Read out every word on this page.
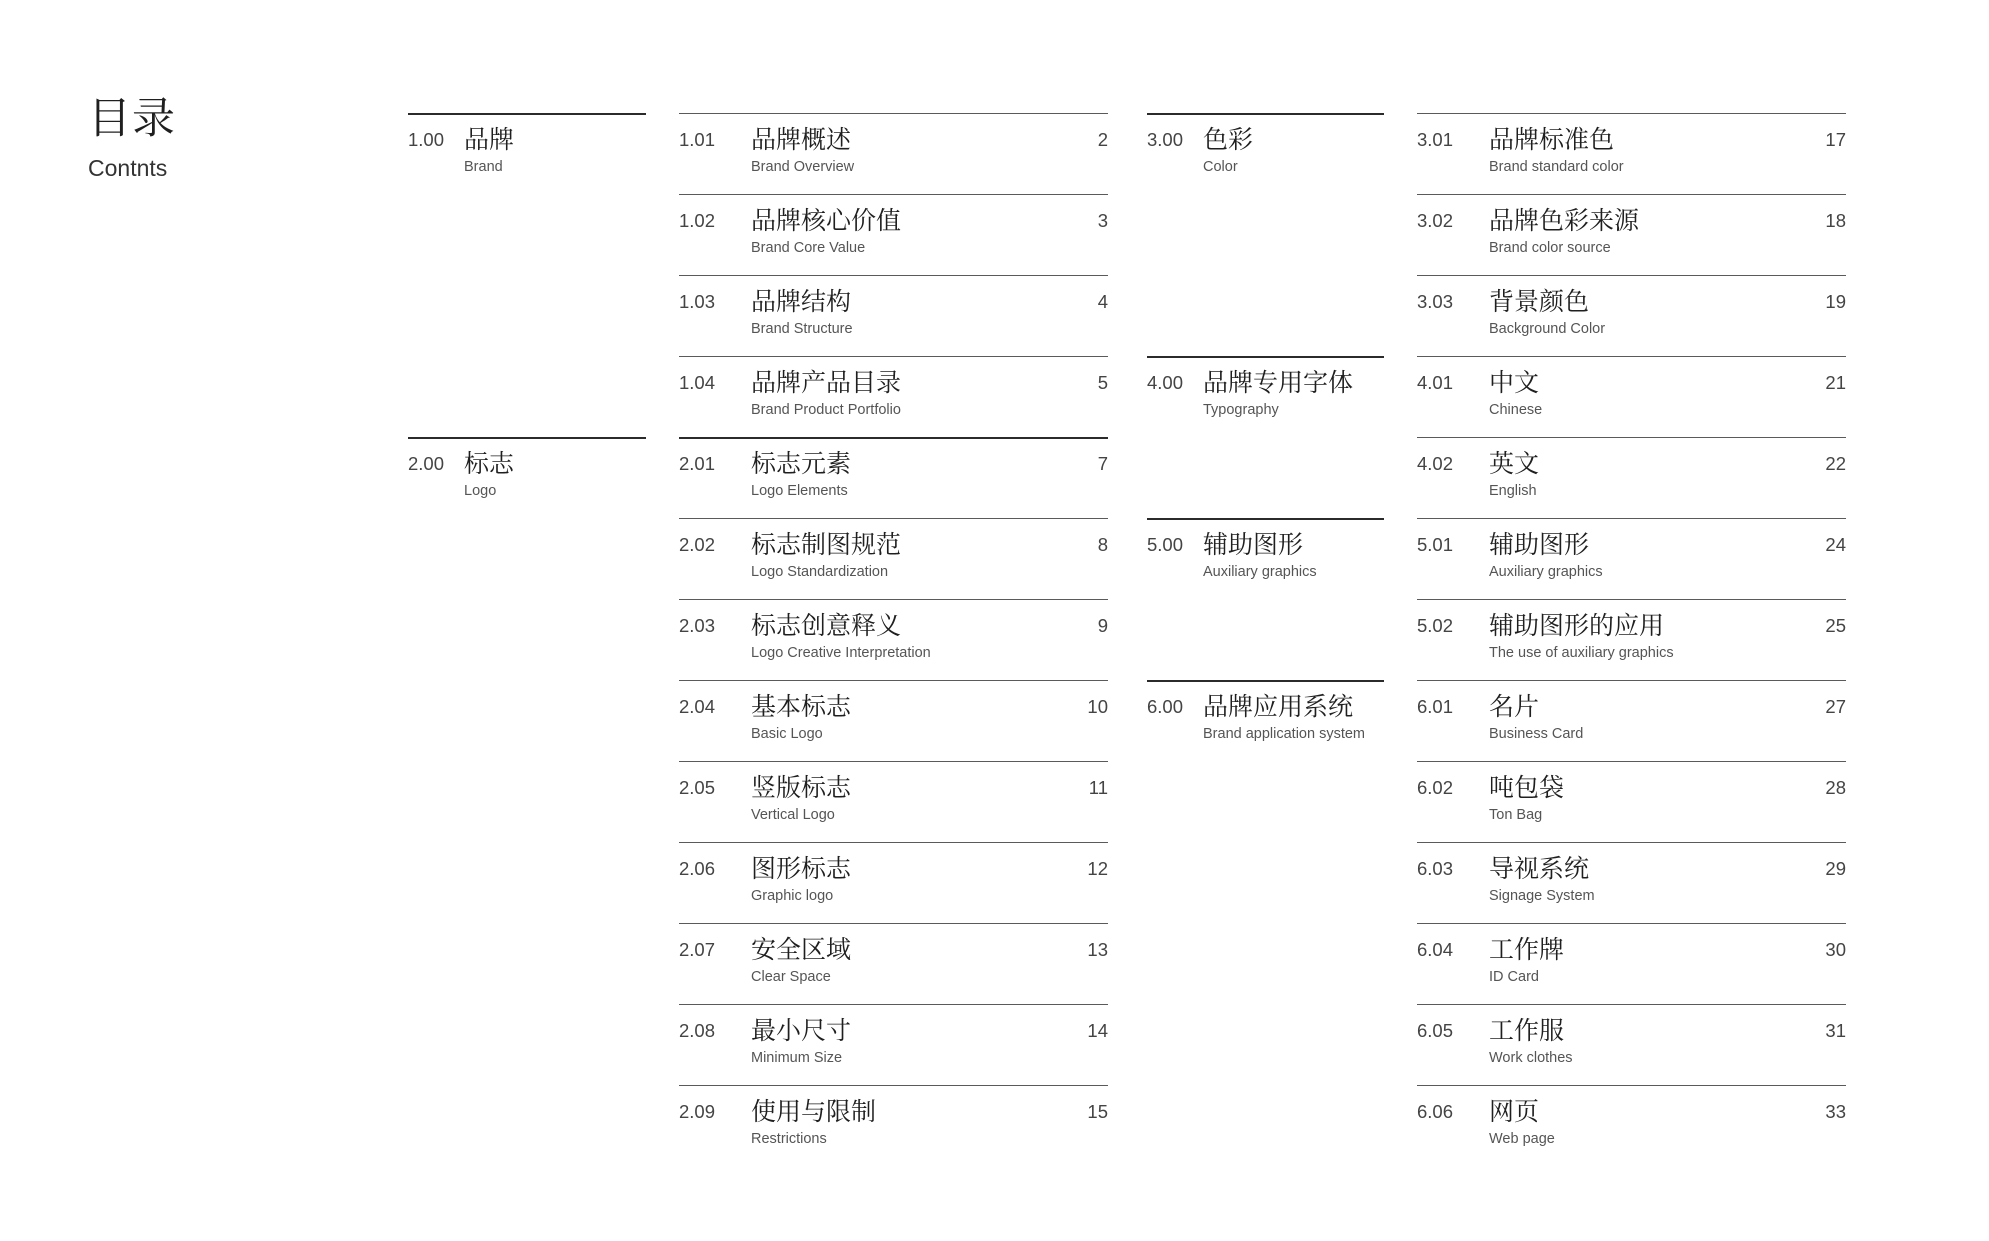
目录
Contnts
1.00 品牌
Brand
2.00 标志
Logo
1.01 品牌概述
Brand Overview
2
1.02 品牌核心价值
Brand Core Value
3
1.03 品牌结构
Brand Structure
4
1.04 品牌产品目录
Brand Product Portfolio
5
2.01 标志元素
Logo Elements
7
2.02 标志制图规范
Logo Standardization
8
2.03 标志创意释义
Logo Creative Interpretation
9
2.04 基本标志
Basic Logo
10
2.05 竖版标志
Vertical Logo
11
2.06 图形标志
Graphic logo
12
2.07 安全区域
Clear Space
13
2.08 最小尺寸
Minimum Size
14
2.09 使用与限制
Restrictions
15
3.00 色彩
Color
4.00 品牌专用字体
Typography
5.00 辅助图形
Auxiliary graphics
6.00 品牌应用系统
Brand application system
3.01 品牌标准色
Brand standard color
17
3.02 品牌色彩来源
Brand color source
18
3.03 背景颜色
Background Color
19
4.01 中文
Chinese
21
4.02 英文
English
22
5.01 辅助图形
Auxiliary graphics
24
5.02 辅助图形的应用
The use of auxiliary graphics
25
6.01 名片
Business Card
27
6.02 吨包袋
Ton Bag
28
6.03 导视系统
Signage System
29
6.04 工作牌
ID Card
30
6.05 工作服
Work clothes
31
6.06 网页
Web page
33
